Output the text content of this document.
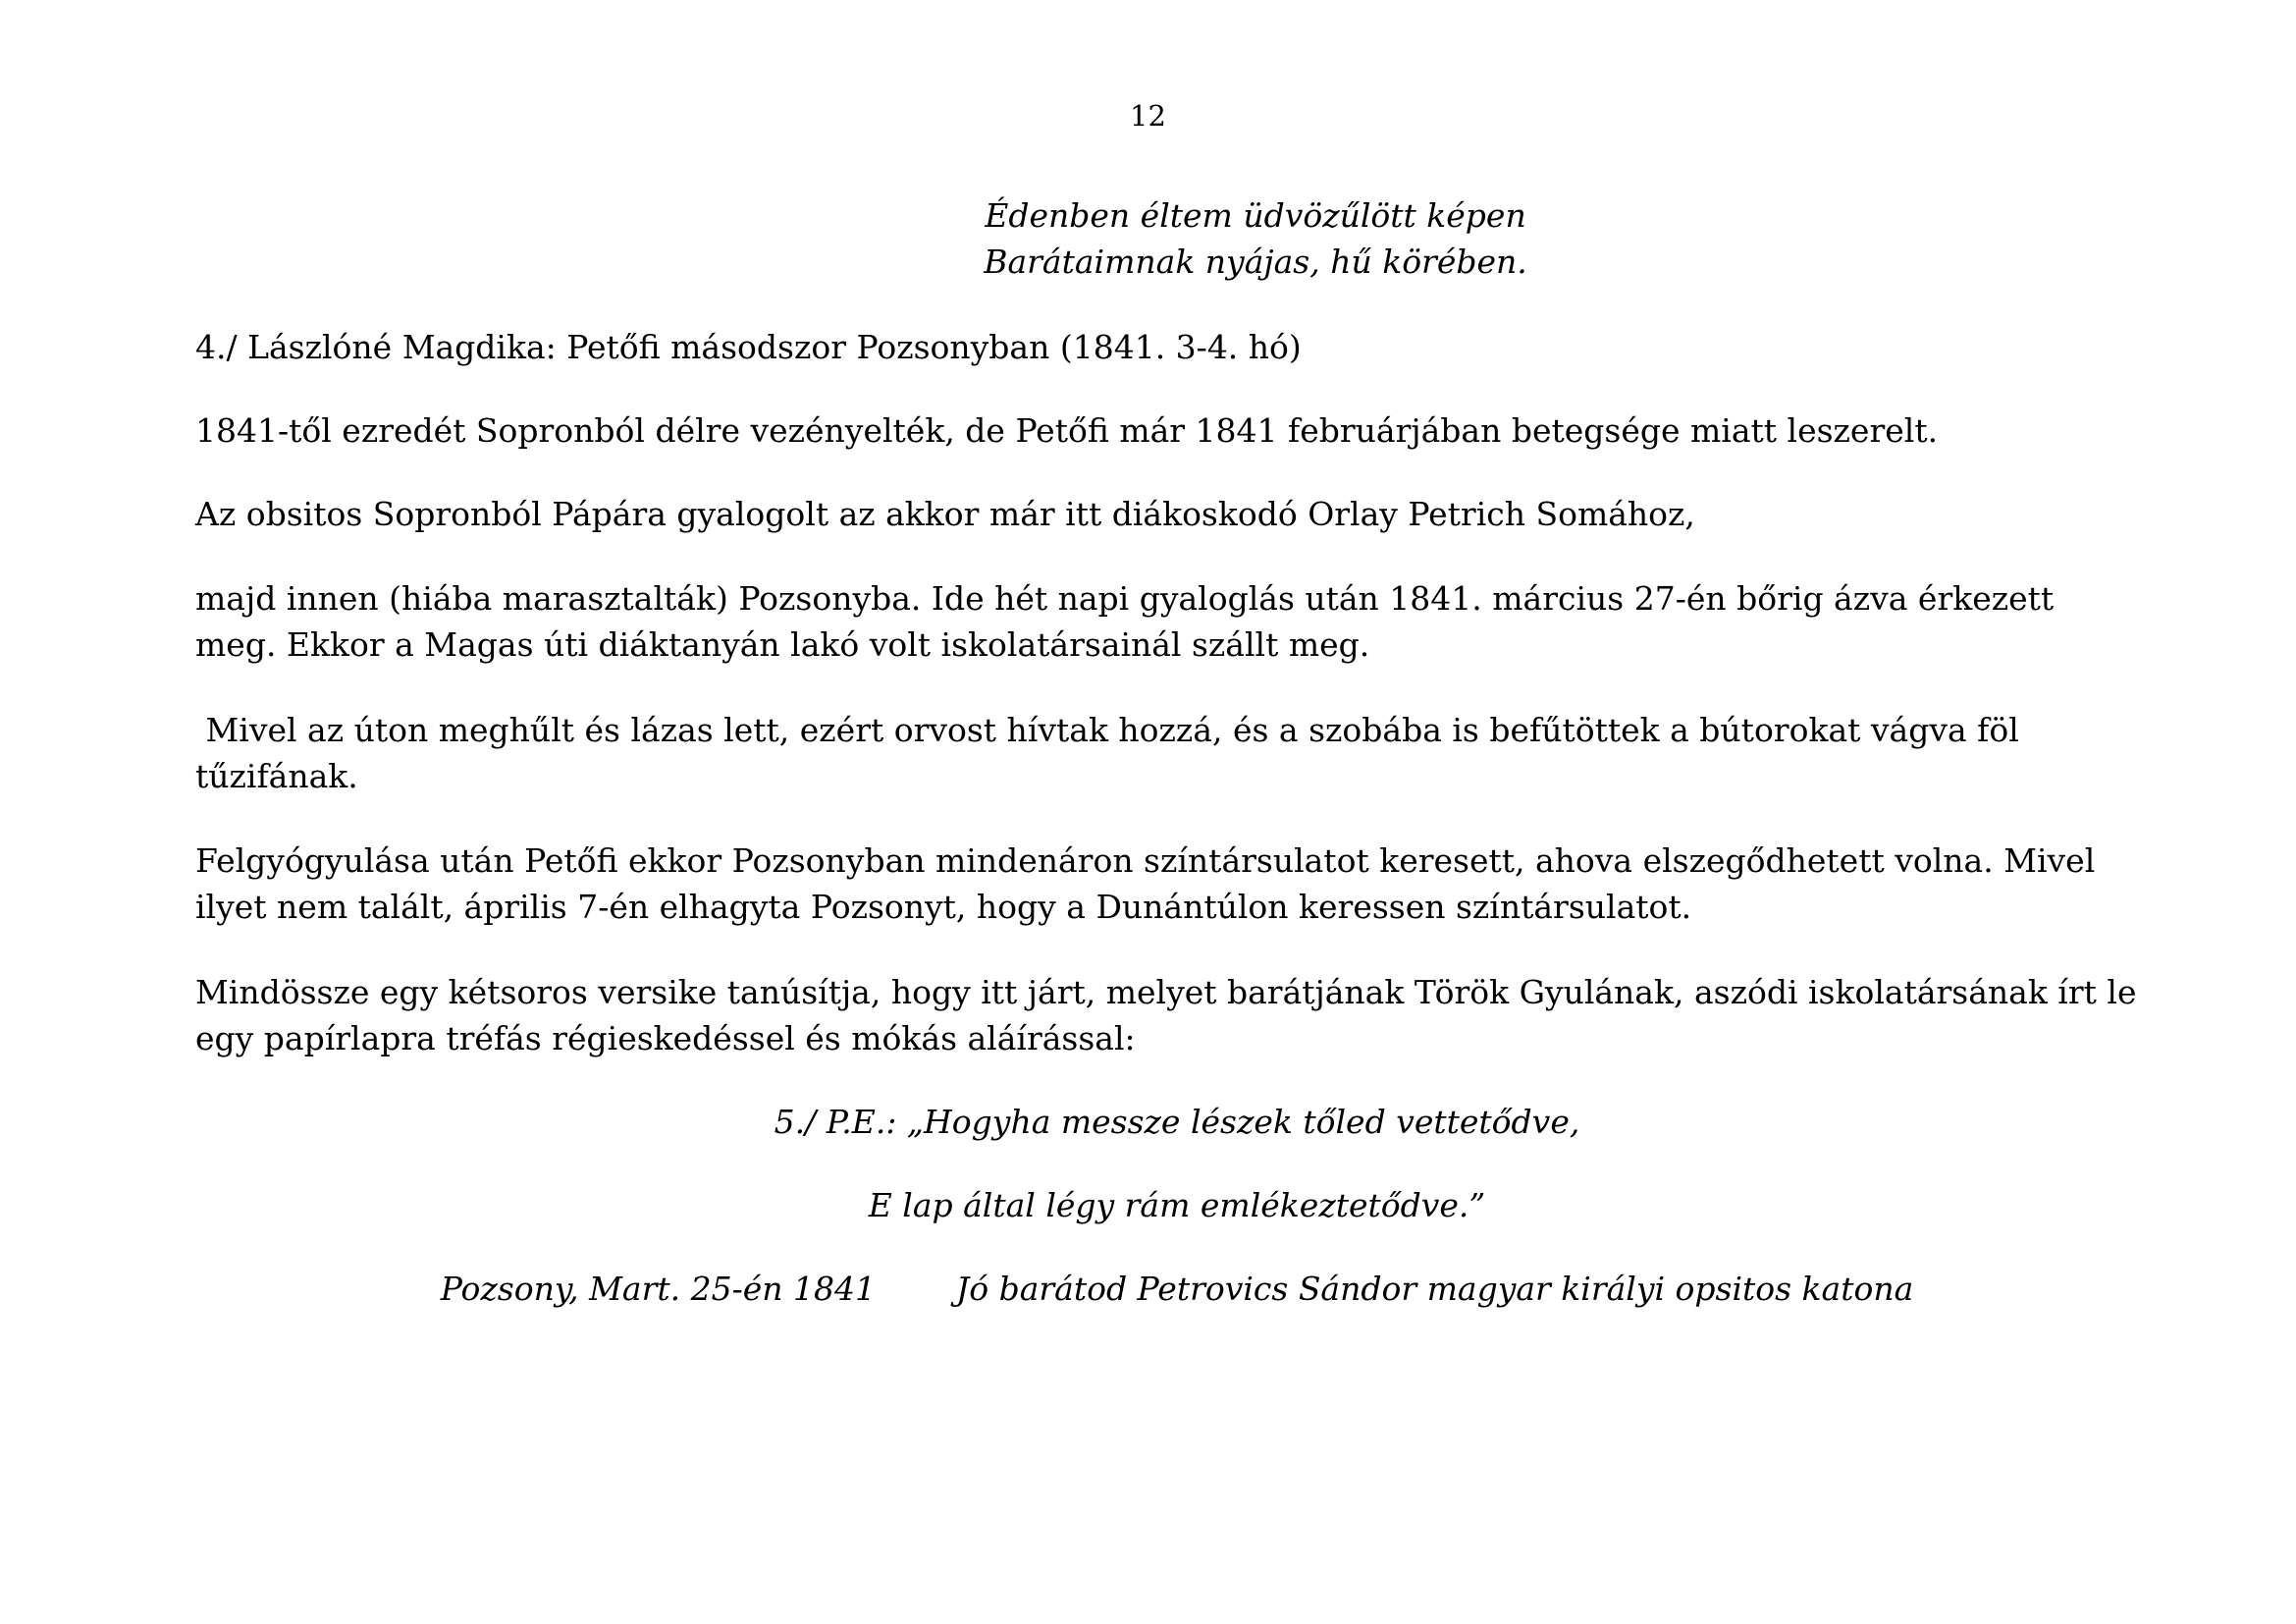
12
Édenben éltem üdvözűlött képen
Barátaimnak nyájas, hű körében.

4./ Lászlóné Magdika: Petőfi másodszor Pozsonyban (1841. 3-4. hó)

1841-től ezredét Sopronból délre vezényelték, de Petőfi már 1841 februárjában betegsége miatt leszerelt.

Az obsitos Sopronból Pápára gyalogolt az akkor már itt diákoskodó Orlay Petrich Somához,

majd innen (hiába marasztalták) Pozsonyba. Ide hét napi gyaloglás után 1841. március 27-én bőrig ázva érkezett meg. Ekkor a Magas úti diáktanyán lakó volt iskolatársainál szállt meg.

Mivel az úton meghűlt és lázas lett, ezért orvost hívtak hozzá, és a szobába is befűtöttek a bútorokat vágva föl tűzifának.

Felgyógyulása után Petőfi ekkor Pozsonyban mindenáron színtársulatot keresett, ahova elszegődhetett volna. Mivel ilyet nem talált, április 7-én elhagyta Pozsonyt, hogy a Dunántúlon keressen színtársulatot.

Mindössze egy kétsoros versike tanúsítja, hogy itt járt, melyet barátjának Török Gyulának, aszódi iskolatársának írt le egy papírlapra tréfás régieskedéssel és mókás aláírással:

5./ P.E.: „Hogyha messze lészek tőled vettetődve,

E lap által légy rám emlékeztetődve.”

Pozsony, Mart. 25-én 1841 Jó barátod Petrovics Sándor magyar királyi opsitos katona
